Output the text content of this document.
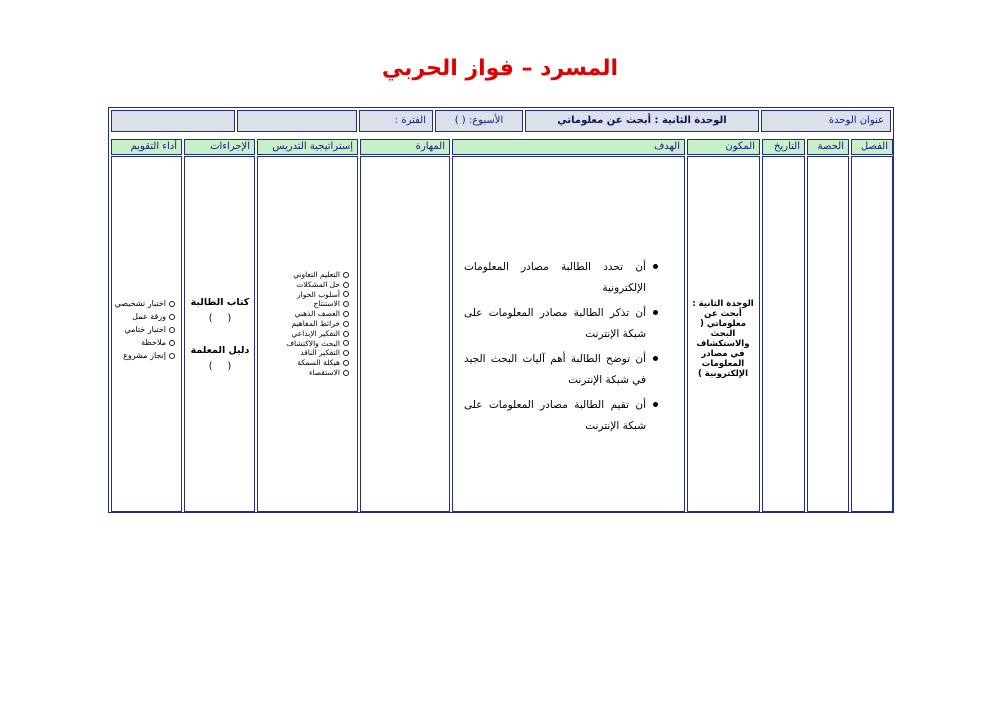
المسرد – فواز الحربي
عنوان الوحدة
الوحدة الثانية : أبحث عن معلوماتي
الأسبوع: ( )
الفترة :
الفصل
الحصة
التاريخ
المكون
الهدف
المهارة
إستراتيجية التدريس
الإجراءات
أداء التقويم
الوحدة الثانية : أبحث عن معلوماتي ( البحث والاستكشاف في مصادر المعلومات الإلكترونية )
أن تحدد الطالبة مصادر المعلومات الإلكترونية
أن تذكر الطالبة مصادر المعلومات على شبكة الإنترنت
أن توضح الطالبة أهم آليات البحث الجيد في شبكة الإنترنت
أن تقيم الطالبة مصادر المعلومات على شبكة الإنترنت
التعليم التعاوني
حل المشكلات
أسلوب الحوار
الاستنتاج
العصف الذهني
خرائط المفاهيم
التفكير الإبداعي
البحث والاكتشاف
التفكير الناقد
هيكلة السمكة
الاستقصاء
كتاب الطالبة
(     )
دليل المعلمة
(     )
اختبار تشخيصي
ورقة عمل
اختبار ختامي
ملاحظة
إنجاز مشروع
